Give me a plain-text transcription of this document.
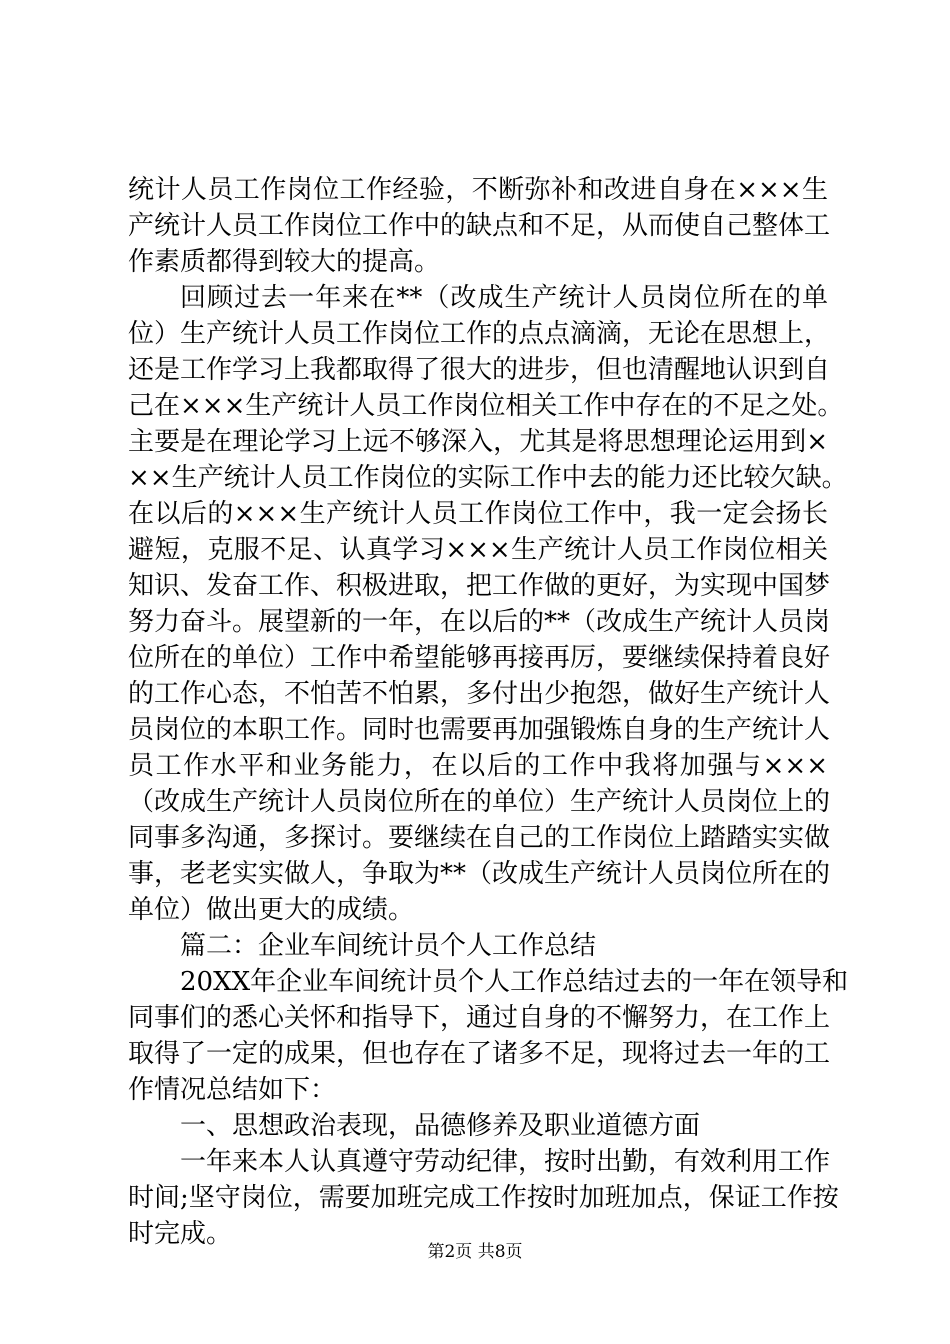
统计人员工作岗位工作经验，不断弥补和改进自身在×××生
产统计人员工作岗位工作中的缺点和不足，从而使自己整体工
作素质都得到较大的提高。
回顾过去一年来在**（改成生产统计人员岗位所在的单
位）生产统计人员工作岗位工作的点点滴滴，无论在思想上，
还是工作学习上我都取得了很大的进步，但也清醒地认识到自
己在×××生产统计人员工作岗位相关工作中存在的不足之处。
主要是在理论学习上远不够深入，尤其是将思想理论运用到×
××生产统计人员工作岗位的实际工作中去的能力还比较欠缺。
在以后的×××生产统计人员工作岗位工作中，我一定会扬长
避短，克服不足、认真学习×××生产统计人员工作岗位相关
知识、发奋工作、积极进取，把工作做的更好，为实现中国梦
努力奋斗。展望新的一年，在以后的**（改成生产统计人员岗
位所在的单位）工作中希望能够再接再厉，要继续保持着良好
的工作心态，不怕苦不怕累，多付出少抱怨，做好生产统计人
员岗位的本职工作。同时也需要再加强锻炼自身的生产统计人
员工作水平和业务能力，在以后的工作中我将加强与×××
（改成生产统计人员岗位所在的单位）生产统计人员岗位上的
同事多沟通，多探讨。要继续在自己的工作岗位上踏踏实实做
事，老老实实做人，争取为**（改成生产统计人员岗位所在的
单位）做出更大的成绩。
篇二：企业车间统计员个人工作总结
20XX年企业车间统计员个人工作总结过去的一年在领导和
同事们的悉心关怀和指导下，通过自身的不懈努力，在工作上
取得了一定的成果，但也存在了诸多不足，现将过去一年的工
作情况总结如下：
一、思想政治表现，品德修养及职业道德方面
一年来本人认真遵守劳动纪律，按时出勤，有效利用工作
时间;坚守岗位，需要加班完成工作按时加班加点，保证工作按
时完成。
第2页 共8页
